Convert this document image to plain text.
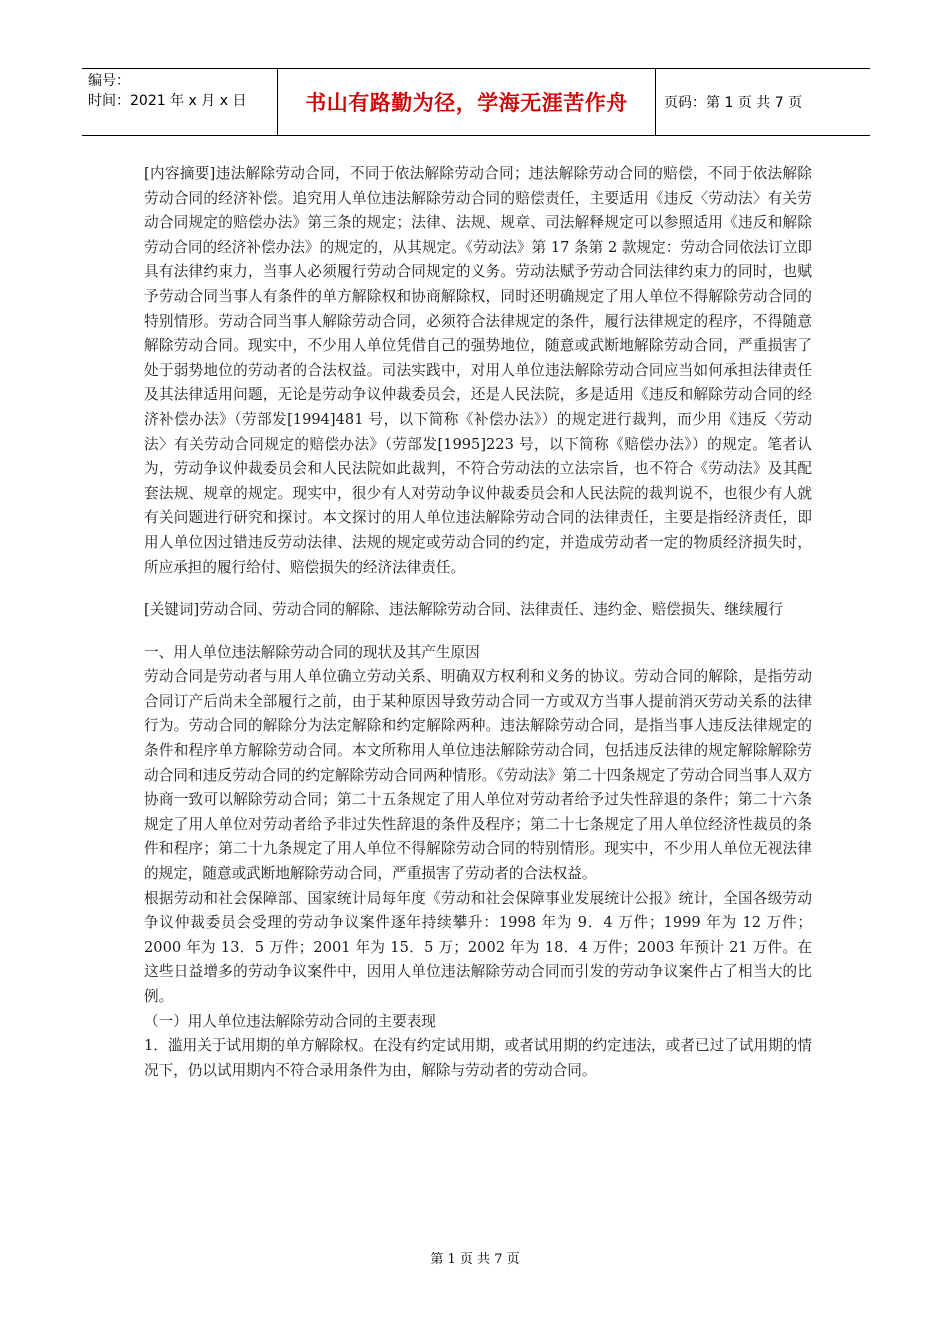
编号：
时间：2021 年 x 月 x 日	书山有路勤为径，学海无涯苦作舟	页码：第 1 页 共 7 页

[内容摘要]违法解除劳动合同，不同于依法解除劳动合同；违法解除劳动合同的赔偿，不同于依法解除劳动合同的经济补偿。追究用人单位违法解除劳动合同的赔偿责任，主要适用《违反〈劳动法〉有关劳动合同规定的赔偿办法》第三条的规定；法律、法规、规章、司法解释规定可以参照适用《违反和解除劳动合同的经济补偿办法》的规定的，从其规定。《劳动法》第 17 条第 2 款规定：劳动合同依法订立即具有法律约束力，当事人必须履行劳动合同规定的义务。劳动法赋予劳动合同法律约束力的同时，也赋予劳动合同当事人有条件的单方解除权和协商解除权，同时还明确规定了用人单位不得解除劳动合同的特别情形。劳动合同当事人解除劳动合同，必须符合法律规定的条件，履行法律规定的程序，不得随意解除劳动合同。现实中，不少用人单位凭借自己的强势地位，随意或武断地解除劳动合同，严重损害了处于弱势地位的劳动者的合法权益。司法实践中，对用人单位违法解除劳动合同应当如何承担法律责任及其法律适用问题，无论是劳动争议仲裁委员会，还是人民法院，多是适用《违反和解除劳动合同的经济补偿办法》（劳部发[1994]481 号，以下简称《补偿办法》）的规定进行裁判，而少用《违反〈劳动法〉有关劳动合同规定的赔偿办法》（劳部发[1995]223 号，以下简称《赔偿办法》）的规定。笔者认为，劳动争议仲裁委员会和人民法院如此裁判，不符合劳动法的立法宗旨，也不符合《劳动法》及其配套法规、规章的规定。现实中，很少有人对劳动争议仲裁委员会和人民法院的裁判说不，也很少有人就有关问题进行研究和探讨。本文探讨的用人单位违法解除劳动合同的法律责任，主要是指经济责任，即用人单位因过错违反劳动法律、法规的规定或劳动合同的约定，并造成劳动者一定的物质经济损失时，所应承担的履行给付、赔偿损失的经济法律责任。

[关键词]劳动合同、劳动合同的解除、违法解除劳动合同、法律责任、违约金、赔偿损失、继续履行

一、用人单位违法解除劳动合同的现状及其产生原因

劳动合同是劳动者与用人单位确立劳动关系、明确双方权利和义务的协议。劳动合同的解除，是指劳动合同订产后尚未全部履行之前，由于某种原因导致劳动合同一方或双方当事人提前消灭劳动关系的法律行为。劳动合同的解除分为法定解除和约定解除两种。违法解除劳动合同，是指当事人违反法律规定的条件和程序单方解除劳动合同。本文所称用人单位违法解除劳动合同，包括违反法律的规定解除解除劳动合同和违反劳动合同的约定解除劳动合同两种情形。《劳动法》第二十四条规定了劳动合同当事人双方协商一致可以解除劳动合同；第二十五条规定了用人单位对劳动者给予过失性辞退的条件；第二十六条规定了用人单位对劳动者给予非过失性辞退的条件及程序；第二十七条规定了用人单位经济性裁员的条件和程序；第二十九条规定了用人单位不得解除劳动合同的特别情形。现实中，不少用人单位无视法律的规定，随意或武断地解除劳动合同，严重损害了劳动者的合法权益。

根据劳动和社会保障部、国家统计局每年度《劳动和社会保障事业发展统计公报》统计，全国各级劳动争议仲裁委员会受理的劳动争议案件逐年持续攀升：1998 年为 9．4 万件；1999 年为 12 万件；2000 年为 13．5 万件；2001 年为 15．5 万；2002 年为 18．4 万件；2003 年预计 21 万件。在这些日益增多的劳动争议案件中，因用人单位违法解除劳动合同而引发的劳动争议案件占了相当大的比例。

（一）用人单位违法解除劳动合同的主要表现

1．滥用关于试用期的单方解除权。在没有约定试用期，或者试用期的约定违法，或者已过了试用期的情况下，仍以试用期内不符合录用条件为由，解除与劳动者的劳动合同。

第 1 页 共 7 页
